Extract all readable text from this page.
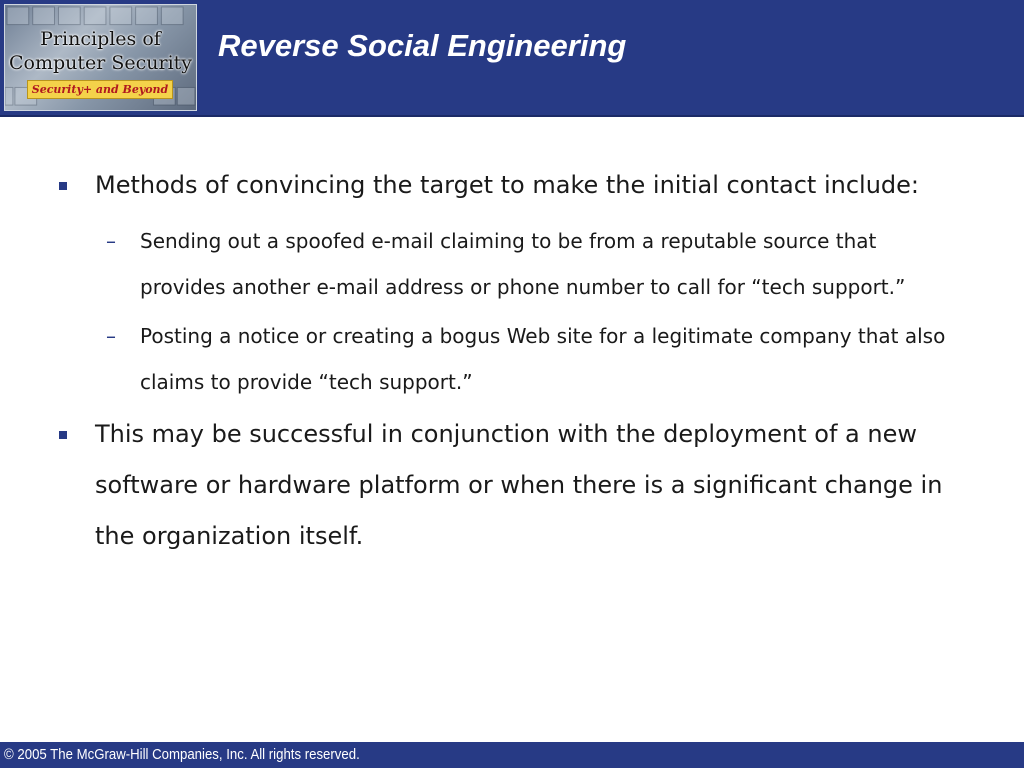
Principles of
Computer Security
Security+ and Beyond
Reverse Social Engineering
Methods of convincing the target to make the initial contact include:
–	Sending out a spoofed e-mail claiming to be from a reputable source that provides another e-mail address or phone number to call for “tech support.”
–	Posting a notice or creating a bogus Web site for a legitimate company that also claims to provide “tech support.”
This may be successful in conjunction with the deployment of a new software or hardware platform or when there is a significant change in the organization itself.
© 2005 The McGraw-Hill Companies, Inc. All rights reserved.
